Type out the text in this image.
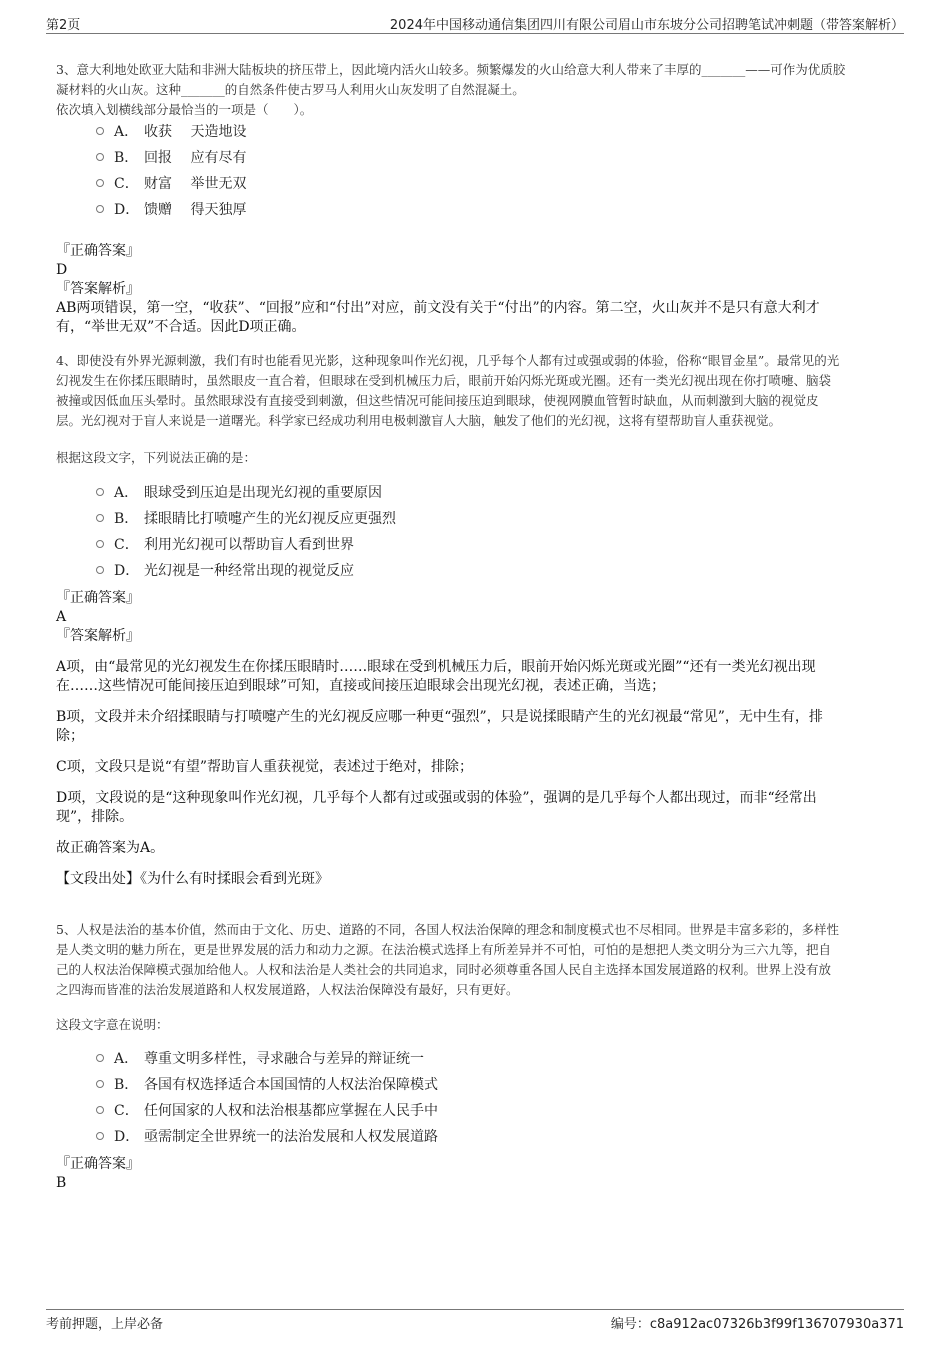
第2页	2024年中国移动通信集团四川有限公司眉山市东坡分公司招聘笔试冲刺题（带答案解析）

3、意大利地处欧亚大陆和非洲大陆板块的挤压带上，因此境内活火山较多。频繁爆发的火山给意大利人带来了丰厚的_______——可作为优质胶

凝材料的火山灰。这种_______的自然条件使古罗马人利用火山灰发明了自然混凝土。

依次填入划横线部分最恰当的一项是（　　）。

A． 收获　 天造地设
B． 回报　 应有尽有
C． 财富　 举世无双
D． 馈赠　 得天独厚

『正确答案』

D

『答案解析』

AB两项错误，第一空，“收获”、“回报”应和“付出”对应，前文没有关于“付出”的内容。第二空，火山灰并不是只有意大利才

有，“举世无双”不合适。因此D项正确。

4、即使没有外界光源刺激，我们有时也能看见光影，这种现象叫作光幻视，几乎每个人都有过或强或弱的体验，俗称“眼冒金星”。最常见的光

幻视发生在你揉压眼睛时，虽然眼皮一直合着，但眼球在受到机械压力后，眼前开始闪烁光斑或光圈。还有一类光幻视出现在你打喷嚏、脑袋

被撞或因低血压头晕时。虽然眼球没有直接受到刺激，但这些情况可能间接压迫到眼球，使视网膜血管暂时缺血，从而刺激到大脑的视觉皮

层。光幻视对于盲人来说是一道曙光。科学家已经成功利用电极刺激盲人大脑，触发了他们的光幻视，这将有望帮助盲人重获视觉。

根据这段文字，下列说法正确的是：
A． 眼球受到压迫是出现光幻视的重要原因
B． 揉眼睛比打喷嚏产生的光幻视反应更强烈
C． 利用光幻视可以帮助盲人看到世界
D． 光幻视是一种经常出现的视觉反应

『正确答案』

A

『答案解析』

A项，由“最常见的光幻视发生在你揉压眼睛时……眼球在受到机械压力后，眼前开始闪烁光斑或光圈”“还有一类光幻视出现

在……这些情况可能间接压迫到眼球”可知，直接或间接压迫眼球会出现光幻视，表述正确，当选；

B项，文段并未介绍揉眼睛与打喷嚏产生的光幻视反应哪一种更“强烈”，只是说揉眼睛产生的光幻视最“常见”，无中生有，排

除；

C项，文段只是说“有望”帮助盲人重获视觉，表述过于绝对，排除；

D项，文段说的是“这种现象叫作光幻视，几乎每个人都有过或强或弱的体验”，强调的是几乎每个人都出现过，而非“经常出

现”，排除。

故正确答案为A。

【文段出处】《为什么有时揉眼会看到光斑》

5、人权是法治的基本价值，然而由于文化、历史、道路的不同，各国人权法治保障的理念和制度模式也不尽相同。世界是丰富多彩的，多样性

是人类文明的魅力所在，更是世界发展的活力和动力之源。在法治模式选择上有所差异并不可怕，可怕的是想把人类文明分为三六九等，把自

己的人权法治保障模式强加给他人。人权和法治是人类社会的共同追求，同时必须尊重各国人民自主选择本国发展道路的权利。世界上没有放

之四海而皆准的法治发展道路和人权发展道路，人权法治保障没有最好，只有更好。

这段文字意在说明：
A． 尊重文明多样性，寻求融合与差异的辩证统一
B． 各国有权选择适合本国国情的人权法治保障模式
C． 任何国家的人权和法治根基都应掌握在人民手中
D． 亟需制定全世界统一的法治发展和人权发展道路

『正确答案』

B

考前押题，上岸必备	编号：c8a912ac07326b3f99f136707930a371
